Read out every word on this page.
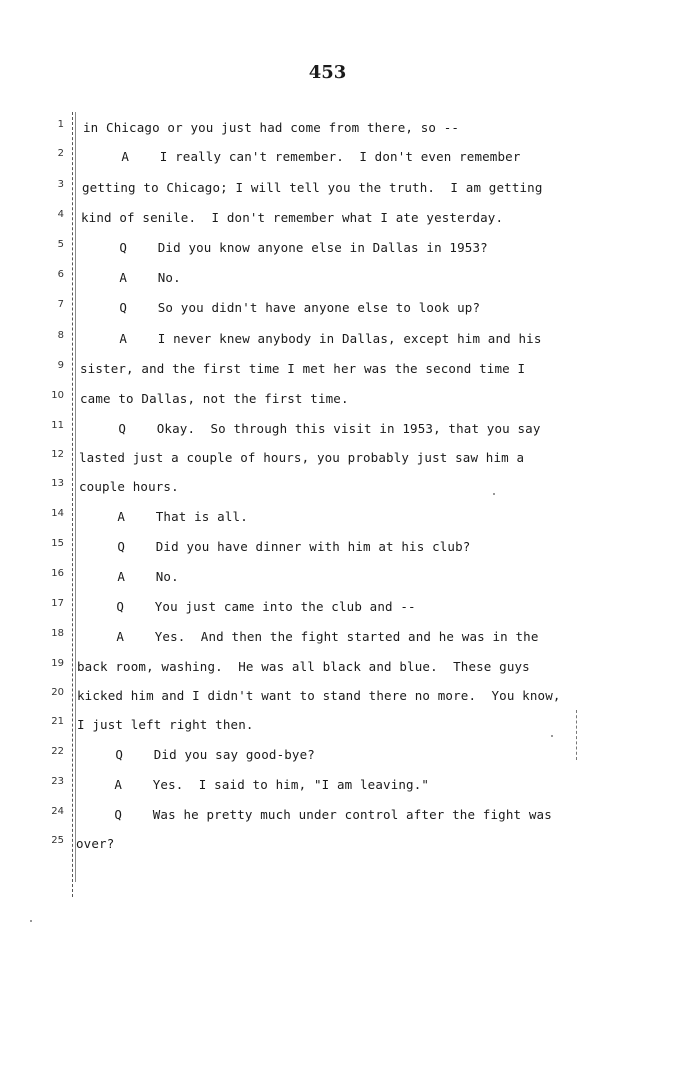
453
1 in Chicago or you just had come from there, so --
2 A    I really can't remember.  I don't even remember
3 getting to Chicago; I will tell you the truth.  I am getting
4 kind of senile.  I don't remember what I ate yesterday.
5 Q    Did you know anyone else in Dallas in 1953?
6 A    No.
7 Q    So you didn't have anyone else to look up?
8 A    I never knew anybody in Dallas, except him and his
9 sister, and the first time I met her was the second time I
10 came to Dallas, not the first time.
11 Q    Okay.  So through this visit in 1953, that you say
12 lasted just a couple of hours, you probably just saw him a
13 couple hours.
14 A    That is all.
15 Q    Did you have dinner with him at his club?
16 A    No.
17 Q    You just came into the club and --
18 A    Yes.  And then the fight started and he was in the
19 back room, washing.  He was all black and blue.  These guys
20 kicked him and I didn't want to stand there no more.  You know,
21 I just left right then.
22 Q    Did you say good-bye?
23 A    Yes.  I said to him, "I am leaving."
24 Q    Was he pretty much under control after the fight was
25 over?
